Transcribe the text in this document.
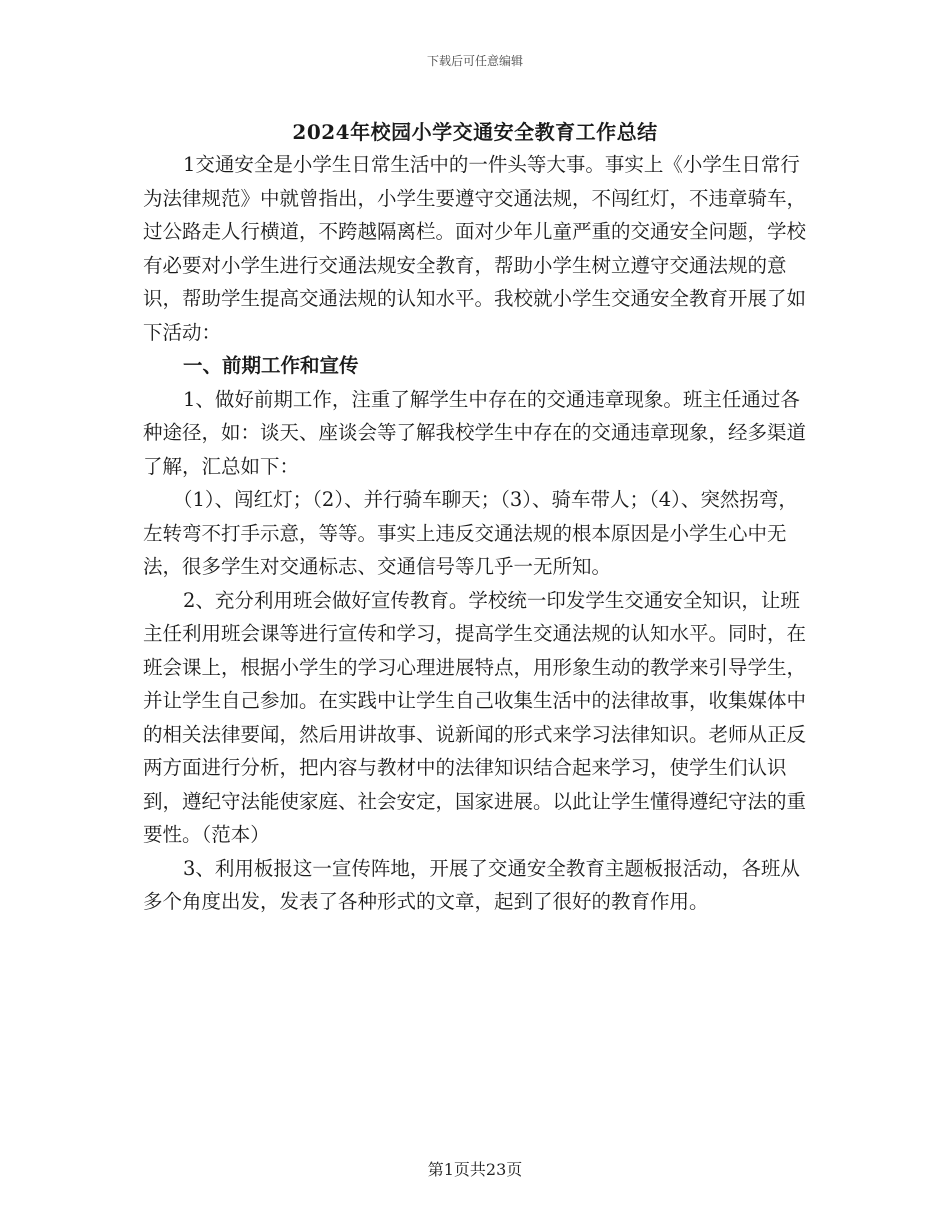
下载后可任意编辑
2024年校园小学交通安全教育工作总结

1交通安全是小学生日常生活中的一件头等大事。事实上《小学生日常行为法律规范》中就曾指出，小学生要遵守交通法规，不闯红灯，不违章骑车，过公路走人行横道，不跨越隔离栏。面对少年儿童严重的交通安全问题，学校有必要对小学生进行交通法规安全教育，帮助小学生树立遵守交通法规的意识，帮助学生提高交通法规的认知水平。我校就小学生交通安全教育开展了如下活动：

一、前期工作和宣传

1、做好前期工作，注重了解学生中存在的交通违章现象。班主任通过各种途径，如：谈天、座谈会等了解我校学生中存在的交通违章现象，经多渠道了解，汇总如下：

（1）、闯红灯；（2）、并行骑车聊天；（3）、骑车带人；（4）、突然拐弯，左转弯不打手示意，等等。事实上违反交通法规的根本原因是小学生心中无法，很多学生对交通标志、交通信号等几乎一无所知。

2、充分利用班会做好宣传教育。学校统一印发学生交通安全知识，让班主任利用班会课等进行宣传和学习，提高学生交通法规的认知水平。同时，在班会课上，根据小学生的学习心理进展特点，用形象生动的教学来引导学生，并让学生自己参加。在实践中让学生自己收集生活中的法律故事，收集媒体中的相关法律要闻，然后用讲故事、说新闻的形式来学习法律知识。老师从正反两方面进行分析，把内容与教材中的法律知识结合起来学习，使学生们认识到，遵纪守法能使家庭、社会安定，国家进展。以此让学生懂得遵纪守法的重要性。（范本）

3、利用板报这一宣传阵地，开展了交通安全教育主题板报活动，各班从多个角度出发，发表了各种形式的文章，起到了很好的教育作用。

第1页共23页
